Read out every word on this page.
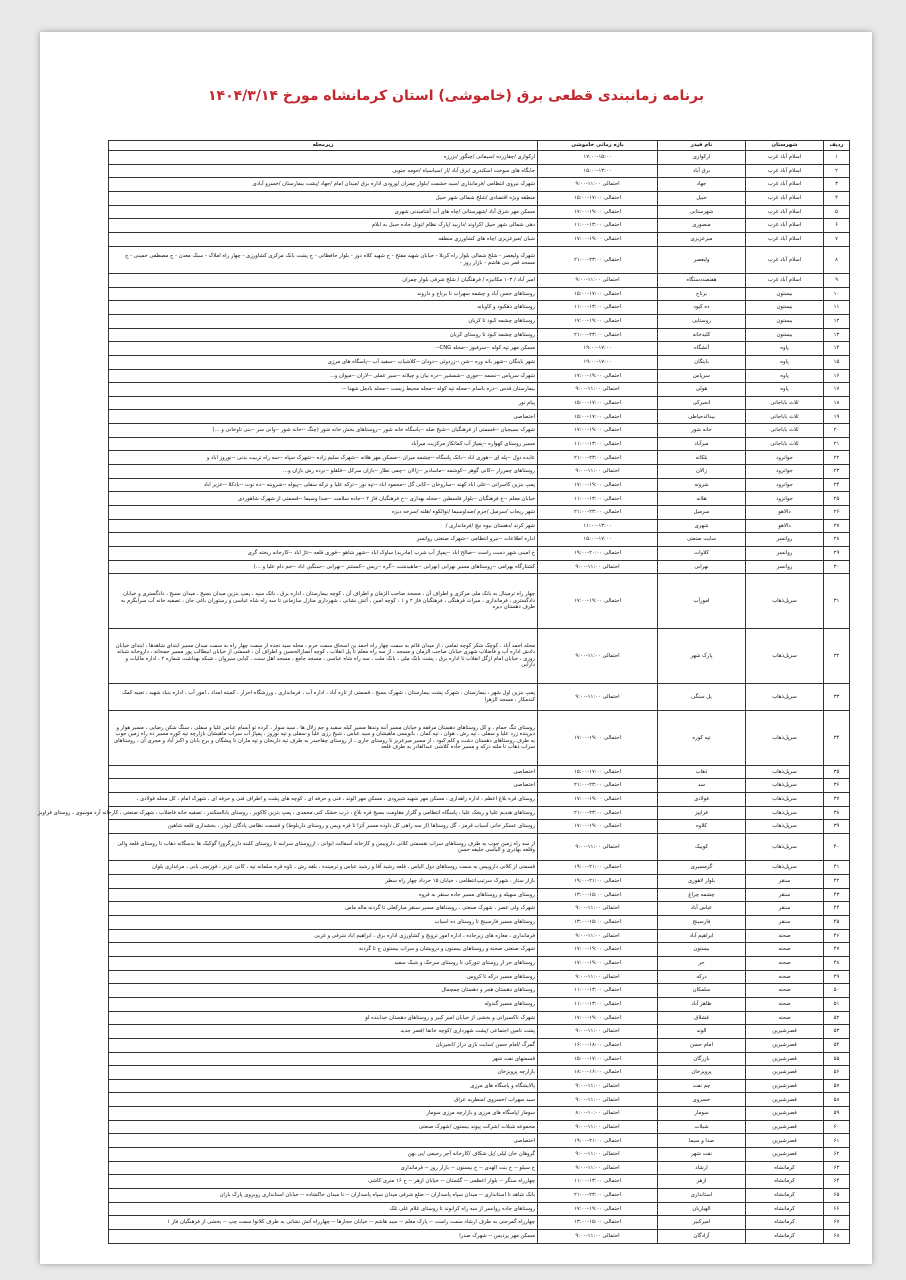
برنامه زمانبندی قطعی برق (خاموشی) استان کرمانشاه مورخ ۱۴۰۴/۳/۱۴
ردیف	شهرستان	نام فیدر	بازه زمانی خاموشی	زیرمحله
۱	اسلام آباد غرب	ارکوازی	۱۷:۰۰-۱۵:۰۰	ارکوازی /چقازرده /سیمانی /چنگور /بزرزه
۲	اسلام آباد غرب	برق آباد	۱۵:۰۰-۱۳:۰۰	جایگاه های سوخت اسکندری /برق آباد /ار /سیاسیاه /حومه جنوبی
۳	اسلام آباد غرب	جهاد	احتمالی ۱۱:۰۰-۹:۰۰	شهرک نیروی انتظامی /فرمانداری /سید حشمت /بلوار چمران /ورودی اداره برق /میدان امام /جهاد /پشت بیمارستان /خسرو آبادی
۴	اسلام آباد غرب	حبیل	احتمالی ۱۷:۰۰-۱۵:۰۰	منطقه ویژه اقتصادی /شلخ شمالی شهر حبیل
۵	اسلام آباد غرب	شهرستانی	احتمالی ۱۹:۰۰-۱۷:۰۰	مسکن مهر شرق آباد /شهرستانی /چاه های آب آشامیدنی شهری
۶	اسلام آباد غرب	منصوری	احتمالی ۱۳:۰۰-۱۱:۰۰	دهی شمالی شهر حبیل /کراوند /داربید /پارک نظام /تونل جاده حبیل به ایلام
۷	اسلام آباد غرب	میرعزیزی	احتمالی ۱۹:۰۰-۱۷:۰۰	شیان /میرعزیزی /چاه های کشاورزی منطقه
۸	اسلام آباد غرب	ولیعصر	احتمالی ۲۳:۰۰-۲۱:۰۰	شهرک ولیعصر - شلخ شمالی بلوار راه کربلا - خیابان شهید مفتح - ج شهید کلاه دوز - بلوار حافظانی - ج پشت بانک مرکزی کشاورزی - چهار راه املاک - سبک معدن - ج مصطفی خمینی - ج مسجد قمر بنی هاشم - بازار روز -
۹	اسلام آباد غرب	هفتصددستگاه	احتمالی ۱۱:۰۰-۹:۰۰	امیر آباد / ۱۰۳ مکانیزه / فرهنگیان / شلخ شرقی بلوار چمران
۱۰	بیستون	برناج	احتمالی ۱۷:۰۰-۱۵:۰۰	روستاهای حسن آباد و چشمه سهراب تا برناج و داروند
۱۱	بیستون	ده کبود	احتمالی ۱۳:۰۰-۱۱:۰۰	روستاهای دهکبود و کاویانه
۱۲	بیستون	روستایی	احتمالی ۱۹:۰۰-۱۷:۰۰	روستاهای چشمه کبود تا کریان
۱۳	بیستون	کلیدخانه	احتمالی ۲۳:۰۰-۲۱:۰۰	روستاهای چشمه کبود تا روستای کریان
۱۴	پاوه	آتشگاه	۱۹:۰۰-۱۷:۰۰	مسکن مهر تپه کوله --سرفیوز --محله CNG--
۱۵	پاوه	باینگان	۱۹:۰۰-۱۷:۰۰	شهر باینگان --شهر بانه وره --شن --زردوئی --دودان --کلاشیاب --سفید آب --پاسگاه های مرزی
۱۶	پاوه	سرپاس	احتمالی ۱۹:۰۰-۱۷:۰۰	شهرک سرپاس --نسمه --جوری --شمشیر --دره بیان و چیلانه --سیر عملی --لاران --میوان و...
۱۷	پاوه	هولی	احتمالی ۱۱:۰۰-۹:۰۰	بیمارستان قدس --دره باسام --محله تپه کوله --محله محیط زیست --محله بادمل شهدا --
۱۸	ثلاث باباجانی	انجیرکی	احتمالی ۱۷:۰۰-۱۵:۰۰	پیام نور
۱۹	ثلاث باباجانی	بیدالدحیاطی	احتمالی ۱۷:۰۰-۱۵:۰۰	اختصاصی
۲۰	ثلاث باباجانی	خانه شور	احتمالی ۱۹:۰۰-۱۷:۰۰	شهرک بسیجیان --قسمتی از فرهنگیان --شیخ صله --پاسگاه خانه شور --روستاهای بخش خانه شور (چنگ --خانه شور --وانی سر --بنی تاوخانی و ...)
۲۱	ثلاث باباجانی	میرآباد	احتمالی ۱۳:۰۰-۱۱:۰۰	مسیر روستای کهواره --پمپاژ آب کمانکار مرکزیت میرآباد
۲۲	جوانرود	بلکانه	احتمالی ۲۳:۰۰-۲۱:۰۰	عابده دول --پله ای --هوری اباد --بانک پاسگاه --چشمه میران --مسکن مهر هلانه --شهرک سلیم زاده --شهرک سپاه --سه راه تربیت بدنی --نوروز اباد و
۲۳	جوانرود	زالان	احتمالی ۱۱:۰۰-۹:۰۰	روستاهای چمرزار --کانی گوهر --کوشمه --ماسادیر --زالان --چمی نظار --بازان سرکل --قلقلو --برده رش بازان و...
۲۴	جوانرود	شرونه	احتمالی ۱۹:۰۰-۱۷:۰۰	پمپ بنزین کاسرانی --علی اباد کهنه --ساروخان --کانی گل --محمود اباد --تپه نور --ترکه علیا و ترکه سفلی --پیوله --شروینه --ده نوت --بادکلا --عزیز اباد
۲۵	جوانرود	هلانه	احتمالی ۱۳:۰۰-۱۱:۰۰	خیابان معلم --خ فرهنگیان --بلوار فلسطین --محله بهداری --خ فرهنگیان فاز ۲ --جاده سلامت --صدا وسیما --قسمتی از شهرک شاهوردی
۲۶	دالاهو	سرمیل	احتمالی ۲۳:۰۰-۲۱:۰۰	شهر ریجاب /سرمیل /جرم /صداوسیما /نوالکوه /هلنه /سرخه دیزه
۲۷	دالاهو	شهری	۱۱:۰۰-۱۳:۰۰	شهر کرند /دهستان بیوه نیچ /فرمانداری /
۲۸	روانسر	سایت صنعتی	۱۵:۰۰-۱۷:۰۰	اداره اطلاعات --نیرو انتظامی --شهرک صنعتی روانسر
۲۹	روانسر	کلاوات	احتمالی ۲۰:۰۰-۱۹:۰۰	خ امینی شهر دست راست --صالح اباد --پمپاژ آب شرب (مادرید) ساوک اباد --شهر شاهو --قوری قلعه --تاژ اباد --کارخانه ریخته گری
۳۰	روانسر	نهرابی	احتمالی ۱۱:۰۰-۹:۰۰	کشتارگاه بهرامی --روستاهای مسیر نهرابی (نهرابی --ماهیدشت --گره --ریس --کستنتر --نهرابی --سنگین اباد --خم دام علیا و ...)
۳۱	سرپل‌ذهاب	امورآب	احتمالی ۱۹:۰۰-۱۷:۰۰	چهار راه ترمینال به بانک ملی مرکزی و اطراف آن ، مسجد صاحب الزمان و اطراف آن ، کوچه بیمارستان ، اداره برق ، بانک سپه ، پمپ بنزین میدان بسیج ، میدان بسیج ، دادگستری و خیابان دادگستری ، فرمانداری ، میراث فرهنگی ، فرهنگیان فاز ۲ و ۱ ، کوچه امین ، آتش نشانی ، شهرداری منازل سازمانی تا سه راه شاه عباسی و رستوران باغی جان ، تصفیه خانه آب سرابگرم به طرف دهستان دیره
۳۲	سرپل‌ذهاب	پارک شهر	احتمالی ۱۱:۰۰-۹:۰۰	محله احمد آباد ، کوچک شکر کوچه تمامی ، از میدان قائم به سمت چهار راه احمد بن اسحاق سمت حرم ، محله سید نجده از سمت چهار راه به سمت میدان مسیر ابتدای شاهدها ، ابتدای خیابان دادش اداره آب و فاضلاب شهری خیابان صاحب الزمان و مسجد ، از سه راه معلم تا پل انقلاب ، کوچه انصارالحسین و اطراف آن ، قسمتی از خیابان ابیطالب پور مسیر جمخانه ، داروخانه شبانه روزی ، خیابان امام ازگل انقلاب تا اداره برق ، پشت بانک ملی ، بانک ملت ، سه راه شاه عباسی ، مسجد جامع ، مسجد اهل سنت ، کبابی سیروان ، شبکه بهداشت شماره ۲ ، اداره مالیات و دارایی
۳۳	سرپل‌ذهاب	پل سنگی	احتمالی ۱۱:۰۰-۹:۰۰	پمپ بنزین اول شهر ، بیمارستان ، شهرک پشت بیمارستان ، شهرک بسیج ، قسمتی از تازه آباد ، اداره آب ، فرمانداری ، ورزشگاه احرار ، کمیته امداد ، امور آب ، اداره بنیاد شهید ، تعبیه کمک کندمکار ، مسجد الزهرا
۳۴	سرپل‌ذهاب	تپه کوره	احتمالی ۱۹:۰۰-۱۷:۰۰	روستای تنگ حمام ، و کل روستاهای دهستان مرقفه و خیابان مسیر آبنه وندها مسیر کیله سفید و جم زلال ها ، سید سوار ، کرده تو آبسام عباس علیا و سفلی ، سنگ شکن رضایی ، مسیر هوار و دیرپنده زرد علیا و سفلی ، تپه رش ، هوان ، تپه کمان ، بانویسی ماهیشان و سید عباس ، شیخ رزی علیا و سفلی و تپه نوروز ، پمپاژ آب سراب ماهیشان بازارچه تپه کوره مسیر ده راه زمین جوب به طرف روستاهای دهستان دشت و کلم کبود ، از مسیر میرعزیز تا روستای جاری ، از روستای چقاحیدر به طرف تپه داریخان و تپه ماران تا پیشگان و برج بابان و اکبر آباد و مجری آن ، روستاهای سراب ذهاب تا ملته درکه و مسیر جاده کلاشی عبدالقادر به طرف قلعه
۳۵	سرپل‌ذهاب	ذهاب	احتمالی ۱۷:۰۰-۱۵:۰۰	اختصاصی
۳۶	سرپل‌ذهاب	سد	احتمالی ۲۳:۰۰-۲۱:۰۰	اختصاصی
۳۷	سرپل‌ذهاب	فولادی	احتمالی ۱۹:۰۰-۱۷:۰۰	روستای قره بلاغ اعظم ، اداره راهداری ، مسکن مهر شهید شیرودی ، مسکن مهر الوند ، فنی و حرفه ای ، کوچه های پشت و اطراف فنی و حرفه ای ، شهرک امام ، کل محله فولادی ،
۳۸	سرپل‌ذهاب	فرایپز	احتمالی ۲۳:۰۰-۲۱:۰۰	روستاهای هندیم علیا و ریخک علیا ، پاسگاه انتظامی و گلزار مقاومت بسیج قره بلاغ ، درب خشک کنی محمدی ، پمپ بنزین کاکویر ، روستای بابالسکندر ، تصفیه خانه فاضلاب ، شهرک صنعتی ، کارخانه آرد موسوی ، روستای قراویز
۳۹	سرپل‌ذهاب	کلاوه	احتمالی ۱۹:۰۰-۱۷:۰۰	روستای عسکر خانی آسیاب قرمز ، گل روستاها (از سه راهی کل داوده مسیر آتزا تا قره ویس و روستای داربلوط) و قسمت نظامی پادگان ابوذر ، بخشداری قلعه شاهین
۴۰	سرپل‌ذهاب	کوییک	احتمالی ۱۱:۰۰-۹:۰۰	از سه راه زمین جوب به طرف روستاهای سراب‌ نقسمتی کلانی داروییس و کارخانه آسفالت ابوانی ، ازروستای سرابنه تا روستای کلینه داریزگروزا گوکیک ها بدسگانه دهاب تا روستای قلعه والی وقلعه بهادری و الیاسی خلیفه حسن
۴۱	سرپل‌ذهاب	گرمسیری	احتمالی ۲۱:۰۰-۱۹:۰۰	قسمتی از کلانی داروییس به سمت روستاهای دول الیاس ، قلعه رشید آقا و رشید عباس و ترمینده ، بلقه رش ، تاوه قره سلمانه تپه ، کانی عزیز ، قورتچی بانی ، مرغداری بلوان
۴۲	سنقر	بلوار لاهوری	احتمالی ۲۱:۰۰-۱۹:۰۰	بازار ستار ، شهرک سرتیپ‌انتظامی ، خیابان ۱۵ خرداد چهار راه سطر
۴۳	سنقر	چشمه چراغ	احتمالی ۱۵:۰۰-۱۳:۰۰	روستای سهیله و روستاهای مسیر جاده سنقر به قروه
۴۴	سنقر	عباس آباد	احتمالی ۱۱:۰۰-۹:۰۰	شهرک ولی عصر ، شهرک صنعتی ، روستاهای مسیر سنقر مبارکعلی تا گردنه ماله ماس
۴۵	سنقر	فارسینج	احتمالی ۱۵:۰۰-۱۳:۰۰	روستاهای مسیر فارسینج تا روستای ده اسیاب
۴۶	صحنه	ابراهیم آباد	احتمالی ۱۱:۰۰-۹:۰۰	فرمانداری ، مغازه های زیرجاده ، اداره امور ترویج و کشاورزی اداره برق ، ابراهیم اباد شرقی و غربی
۴۷	صحنه	بیستون	احتمالی ۱۹:۰۰-۱۷:۰۰	شهرک صنعتی صحنه و روستاهای بیستون و درویشان و سراب بیستون ج تا گردنه
۴۸	صحنه	حر	احتمالی ۱۹:۰۰-۱۷:۰۰	روستاهای حر از روستای تنورکی تا روستای سرخک و شیک سفید
۴۹	صحنه	درکه	احتمالی ۱۱:۰۰-۹:۰۰	روستاهای مسیر درکه تا کروس
۵۰	صحنه	سلمکان	احتمالی ۱۳:۰۰-۱۱:۰۰	روستاهای دهستان هجر و دهستان چمچمال
۵۱	صحنه	طاهر آباد	احتمالی ۱۳:۰۰-۱۱:۰۰	روستاهای مسیر گندوله
۵۲	صحنه	قشلاق	احتمالی ۱۹:۰۰-۱۷:۰۰	شهرک ناکسیرانی و بخشی از خیابان امیر کبیر و روستاهای دهستان خدابنده لو
۵۳	قصرشیرین	الوند	احتمالی ۱۱:۰۰-۹:۰۰	پشت تامین اجتماعی /پشت شهرداری /کوچه خانقا /قصر جدید
۵۴	قصرشیرین	امام حسن	احتمالی ۱۸:۰۰-۱۶:۰۰	گمرگ /امام حسن /سایت بازی دراز /انجیریان
۵۵	قصرشیرین	بازرگان	احتمالی ۱۷:۰۰-۱۵:۰۰	قسمتهای نفت شهر
۵۶	قصرشیرین	پرویزخان	احتمالی ۱۶:۰۰-۱۸:۰۰	بازارچه پرویزخان
۵۷	قصرشیرین	چم‌ نفت	احتمالی ۱۱:۰۰-۹:۰۰	پالایشگاه و پاسگاه های مرزی
۵۸	قصرشیرین	خسروی	احتمالی ۱۱:۰۰-۹:۰۰	سید سهراب /خسروی /منظریه عراق
۵۹	قصرشیرین	سومار	احتمالی ۱۰:۰۰-۸:۰۰	سومار /پاسگاه های مرزی و بازارچه مرزی سومار
۶۰	قصرشیرین	شیلات	احتمالی ۱۱:۰۰-۹:۰۰	مجموعه شیلات /شرکت پیوند بیستون /شهرک صنعتی
۶۱	قصرشیرین	صدا و سیما	احتمالی ۲۱:۰۰-۱۹:۰۰	اختصاصی
۶۲	قصرشیرین	نفت شهر	احتمالی ۱۱:۰۰-۹:۰۰	گروهان خان لیلی /پل شکاف /کارخانه آجر رحیمی /بی بهن
۶۳	کرمانشاه	ارشاد	احتمالی ۱۱:۰۰-۹:۰۰	خ سیلو -- خ بنت الهدی -- خ بیستون -- بازار روز -- فرمانداری
۶۴	کرمانشاه	ازهر	احتمالی ۱۳:۰۰-۱۱:۰۰	چهارراه سنگر -- بلوار اعظمی -- گلستان -- خیابان ازهر -- خ ۱۶ متری کاشی
۶۵	کرمانشاه	استانداری	احتمالی ۲۳:۰۰-۲۱:۰۰	بانک شاهد تا استانداری -- میدان سپاه پاسداران -- ضلع شرقی میدان سپاه پاسداران -- تا میدان خاکشاده -- خیابان استانداری روبروی پارک باران
۶۶	کرمانشاه	الهیاریان	احتمالی ۱۹:۰۰-۱۷:۰۰	روستاهای جاده روانسر از سه راه کرانوند تا روستای غلام علی تلک
۶۷	کرمانشاه	امیرکبیر	احتمالی ۱۵:۰۰-۱۳:۰۰	چهارراه گمرجنی به طرف ارشاد سمت راست -- پارک معلم -- سید هاشم -- خیابان حجارها -- چهارراه آتش نشانی به طرف کلانوا سمت چپ -- بخشی از فرهنگیان فاز ۱
۶۸	کرمانشاه	آزادگان	احتمالی ۱۱:۰۰-۹:۰۰	مسکن مهر پردیس -- شهرک صدرا
